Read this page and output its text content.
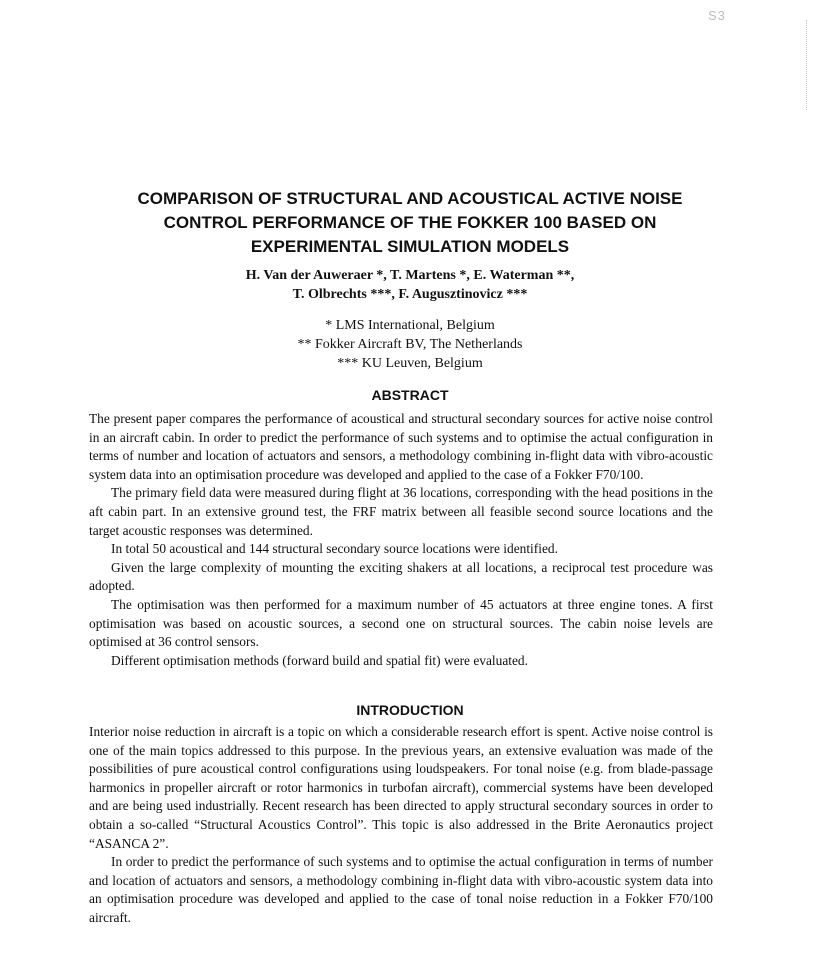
S3
COMPARISON OF STRUCTURAL AND ACOUSTICAL ACTIVE NOISE
CONTROL PERFORMANCE OF THE FOKKER 100 BASED ON
EXPERIMENTAL SIMULATION MODELS
H. Van der Auweraer *, T. Martens *, E. Waterman **,
T. Olbrechts ***, F. Augusztinovicz ***
* LMS International, Belgium
** Fokker Aircraft BV, The Netherlands
*** KU Leuven, Belgium
ABSTRACT

The present paper compares the performance of acoustical and structural secondary sources for active noise control in an aircraft cabin. In order to predict the performance of such systems and to optimise the actual configuration in terms of number and location of actuators and sensors, a methodology combining in-flight data with vibro-acoustic system data into an optimisation procedure was developed and applied to the case of a Fokker F70/100.

The primary field data were measured during flight at 36 locations, corresponding with the head positions in the aft cabin part. In an extensive ground test, the FRF matrix between all feasible second source locations and the target acoustic responses was determined.

In total 50 acoustical and 144 structural secondary source locations were identified.

Given the large complexity of mounting the exciting shakers at all locations, a reciprocal test procedure was adopted.

The optimisation was then performed for a maximum number of 45 actuators at three engine tones. A first optimisation was based on acoustic sources, a second one on structural sources. The cabin noise levels are optimised at 36 control sensors.

Different optimisation methods (forward build and spatial fit) were evaluated.

INTRODUCTION

Interior noise reduction in aircraft is a topic on which a considerable research effort is spent. Active noise control is one of the main topics addressed to this purpose. In the previous years, an extensive evaluation was made of the possibilities of pure acoustical control configurations using loudspeakers. For tonal noise (e.g. from blade-passage harmonics in propeller aircraft or rotor harmonics in turbofan aircraft), commercial systems have been developed and are being used industrially. Recent research has been directed to apply structural secondary sources in order to obtain a so-called “Structural Acoustics Control”. This topic is also addressed in the Brite Aeronautics project “ASANCA 2”.

In order to predict the performance of such systems and to optimise the actual configuration in terms of number and location of actuators and sensors, a methodology combining in-flight data with vibro-acoustic system data into an optimisation procedure was developed and applied to the case of tonal noise reduction in a Fokker F70/100 aircraft.
